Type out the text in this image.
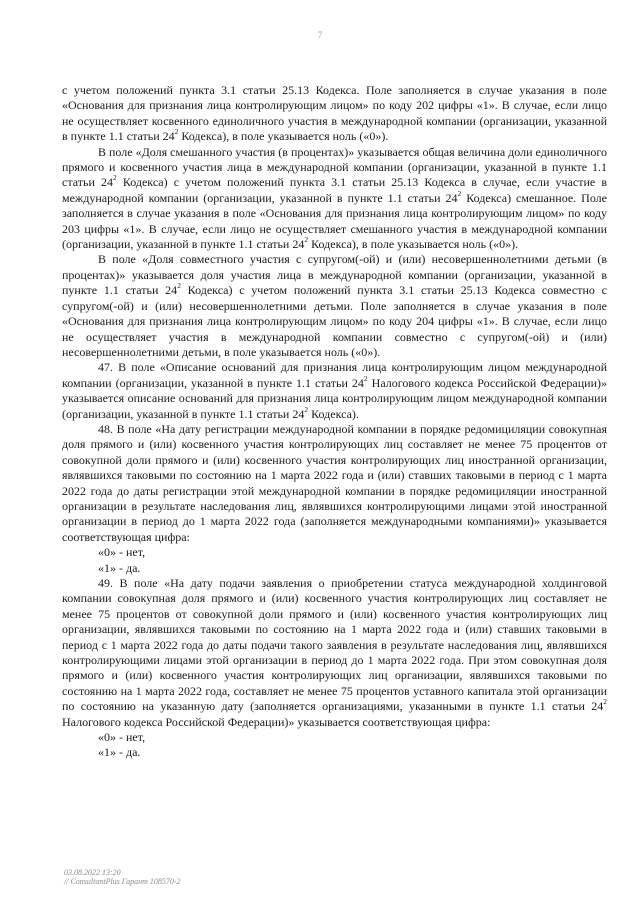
7

с учетом положений пункта 3.1 статьи 25.13 Кодекса. Поле заполняется в случае указания в поле «Основания для признания лица контролирующим лицом» по коду 202 цифры «1». В случае, если лицо не осуществляет косвенного единоличного участия в международной компании (организации, указанной в пункте 1.1 статьи $24^2$ Кодекса), в поле указывается ноль («0»).

В поле «Доля смешанного участия (в процентах)» указывается общая величина доли единоличного прямого и косвенного участия лица в международной компании (организации, указанной в пункте 1.1 статьи $24^2$ Кодекса) с учетом положений пункта 3.1 статьи 25.13 Кодекса в случае, если участие в международной компании (организации, указанной в пункте 1.1 статьи $24^2$ Кодекса) смешанное. Поле заполняется в случае указания в поле «Основания для признания лица контролирующим лицом» по коду 203 цифры «1». В случае, если лицо не осуществляет смешанного участия в международной компании (организации, указанной в пункте 1.1 статьи $24^2$ Кодекса), в поле указывается ноль («0»).

В поле «Доля совместного участия с супругом(-ой) и (или) несовершеннолетними детьми (в процентах)» указывается доля участия лица в международной компании (организации, указанной в пункте 1.1 статьи $24^2$ Кодекса) с учетом положений пункта 3.1 статьи 25.13 Кодекса совместно с супругом(-ой) и (или) несовершеннолетними детьми. Поле заполняется в случае указания в поле «Основания для признания лица контролирующим лицом» по коду 204 цифры «1». В случае, если лицо не осуществляет участия в международной компании совместно с супругом(-ой) и (или) несовершеннолетними детьми, в поле указывается ноль («0»).

47. В поле «Описание оснований для признания лица контролирующим лицом международной компании (организации, указанной в пункте 1.1 статьи $24^2$ Налогового кодекса Российской Федерации)» указывается описание оснований для признания лица контролирующим лицом международной компании (организации, указанной в пункте 1.1 статьи $24^2$ Кодекса).

48. В поле «На дату регистрации международной компании в порядке редомициляции совокупная доля прямого и (или) косвенного участия контролирующих лиц составляет не менее 75 процентов от совокупной доли прямого и (или) косвенного участия контролирующих лиц иностранной организации, являвшихся таковыми по состоянию на 1 марта 2022 года и (или) ставших таковыми в период с 1 марта 2022 года до даты регистрации этой международной компании в порядке редомициляции иностранной организации в результате наследования лиц, являвшихся контролирующими лицами этой иностранной организации в период до 1 марта 2022 года (заполняется международными компаниями)» указывается соответствующая цифра:

«0» - нет,

«1» - да.

49. В поле «На дату подачи заявления о приобретении статуса международной холдинговой компании совокупная доля прямого и (или) косвенного участия контролирующих лиц составляет не менее 75 процентов от совокупной доли прямого и (или) косвенного участия контролирующих лиц организации, являвшихся таковыми по состоянию на 1 марта 2022 года и (или) ставших таковыми в период с 1 марта 2022 года до даты подачи такого заявления в результате наследования лиц, являвшихся контролирующими лицами этой организации в период до 1 марта 2022 года. При этом совокупная доля прямого и (или) косвенного участия контролирующих лиц организации, являвшихся таковыми по состоянию на 1 марта 2022 года, составляет не менее 75 процентов уставного капитала этой организации по состоянию на указанную дату (заполняется организациями, указанными в пункте 1.1 статьи $24^2$ Налогового кодекса Российской Федерации)» указывается соответствующая цифра:

«0» - нет,

«1» - да.

03.08.2022 13:20
// ConsultantPlus Гарант 108570-2
